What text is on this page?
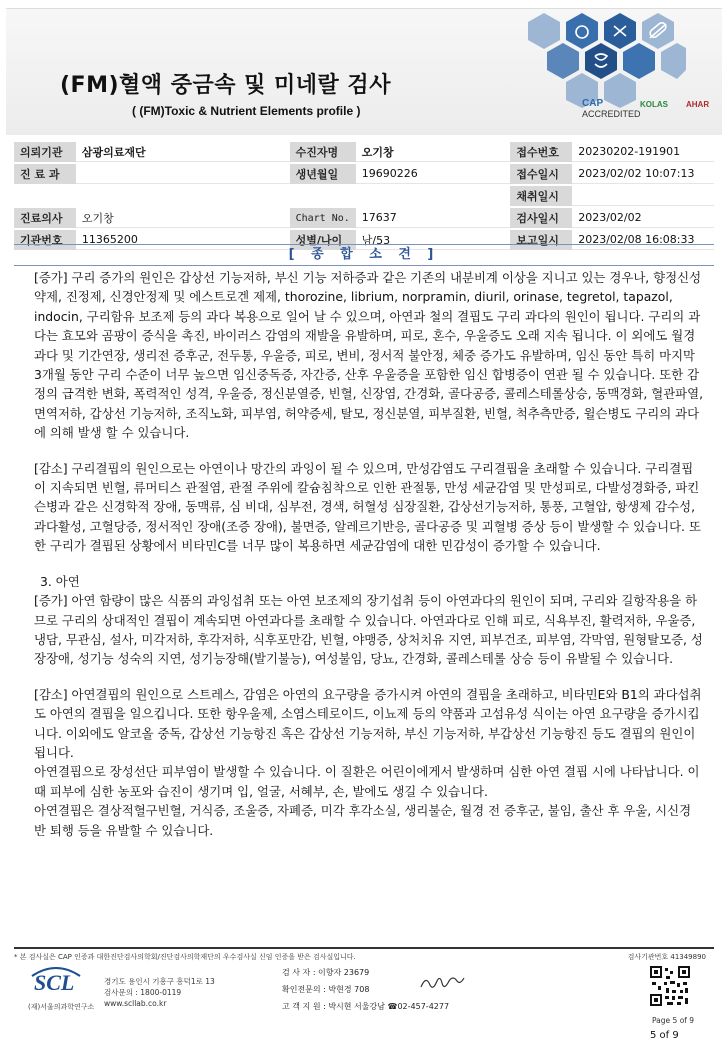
(FM)혈액 중금속 및 미네랄 검사
( (FM)Toxic & Nutrient Elements profile )
CAP
ACCREDITED
KOLAS AHAR
의뢰기관	삼광의료재단	수진자명	오기창	접수번호	20230202-191901
진 료 과		생년월일	19690226	접수일시	2023/02/02 10:07:13
				채취일시	
진료의사	오기창	Chart No.	17637	검사일시	2023/02/02
기관번호	11365200	성별/나이	남/53	보고일시	2023/02/08 16:08:33
[ 종 합 소 견 ]

[증가] 구리 증가의 원인은 갑상선 기능저하, 부신 기능 저하증과 같은 기존의 내분비계 이상을 지니고 있는 경우나, 향정신성약제, 진정제, 신경안정제 및 에스트로겐 제제, thorozine, librium, norpramin, diuril, orinase, tegretol, tapazol, indocin, 구리함유 보조제 등의 과다 복용으로 일어 날 수 있으며, 아연과 철의 결핍도 구리 과다의 원인이 됩니다. 구리의 과다는 효모와 곰팡이 증식을 촉진, 바이러스 감염의 재발을 유발하며, 피로, 혼수, 우울증도 오래 지속 됩니다. 이 외에도 월경과다 및 기간연장, 생리전 증후군, 전두통, 우울증, 피로, 변비, 정서적 불안정, 체중 증가도 유발하며, 임신 동안 특히 마지막 3개월 동안 구리 수준이 너무 높으면 임신중독증, 자간증, 산후 우울증을 포함한 임신 합병증이 연관 될 수 있습니다. 또한 감정의 급격한 변화, 폭력적인 성격, 우울증, 정신분열증, 빈혈, 신장염, 간경화, 골다공증, 콜레스테롤상승, 동맥경화, 혈관파열, 면역저하, 갑상선 기능저하, 조직노화, 피부염, 허약증세, 탈모, 정신분열, 피부질환, 빈혈, 척추측만증, 윌슨병도 구리의 과다에 의해 발생 할 수 있습니다.

[감소] 구리결핍의 원인으로는 아연이나 망간의 과잉이 될 수 있으며, 만성감염도 구리결핍을 초래할 수 있습니다. 구리결핍이 지속되면 빈혈, 류머티스 관절염, 관절 주위에 칼슘침착으로 인한 관절통, 만성 세균감염 및 만성피로, 다발성경화증, 파킨슨병과 같은 신경학적 장애, 동맥류, 심 비대, 심부전, 경색, 허혈성 심장질환, 갑상선기능저하, 통풍, 고혈압, 항생제 감수성, 과다활성, 고혈당증, 정서적인 장애(조증 장애), 불면증, 알레르기반응, 골다공증 및 괴혈병 증상 등이 발생할 수 있습니다. 또한 구리가 결핍된 상황에서 비타민C를 너무 많이 복용하면 세균감염에 대한 민감성이 증가할 수 있습니다.

3. 아연

[증가] 아연 함량이 많은 식품의 과잉섭취 또는 아연 보조제의 장기섭취 등이 아연과다의 원인이 되며, 구리와 길항작용을 하므로 구리의 상대적인 결핍이 계속되면 아연과다를 초래할 수 있습니다. 아연과다로 인해 피로, 식욕부진, 활력저하, 우울증, 냉담, 무관심, 설사, 미각저하, 후각저하, 식후포만감, 빈혈, 야맹증, 상처치유 지연, 피부건조, 피부염, 각막염, 원형탈모증, 성장장애, 성기능 성숙의 지연, 성기능장해(발기불능), 여성불임, 당뇨, 간경화, 콜레스테롤 상승 등이 유발될 수 있습니다.

[감소] 아연결핍의 원인으로 스트레스, 감염은 아연의 요구량을 증가시켜 아연의 결핍을 초래하고, 비타민E와 B1의 과다섭취도 아연의 결핍을 일으킵니다. 또한 항우울제, 소염스테로이드, 이뇨제 등의 약품과 고섬유성 식이는 아연 요구량을 증가시킵니다. 이외에도 알코올 중독, 갑상선 기능항진 혹은 갑상선 기능저하, 부신 기능저하, 부갑상선 기능항진 등도 결핍의 원인이 됩니다.

아연결핍으로 장성선단 피부염이 발생할 수 있습니다. 이 질환은 어린이에게서 발생하며 심한 아연 결핍 시에 나타납니다. 이때 피부에 심한 농포와 습진이 생기며 입, 얼굴, 서혜부, 손, 발에도 생길 수 있습니다.

아연결핍은 결상적혈구빈혈, 거식증, 조울증, 자폐증, 미각 후각소실, 생리불순, 월경 전 증후군, 불임, 출산 후 우울, 시신경 반 퇴행 등을 유발할 수 있습니다.

* 본 검사실은 CAP 인증과 대한진단검사의학회/진단검사의학재단의 우수검사실 신임 인증을 받은 검사실입니다.	검사기관번호 41349890
SCL
(재)서울의과학연구소
경기도 용인시 기흥구 흥덕1로 13
검사문의 : 1800-0119
www.scllab.co.kr
검 사 자 : 이향자 23679
확인전문의 : 박현경 708
고 객 지 원 : 박시현 서울강남 ☎02-457-4277
Page 5 of 9
5 of 9
